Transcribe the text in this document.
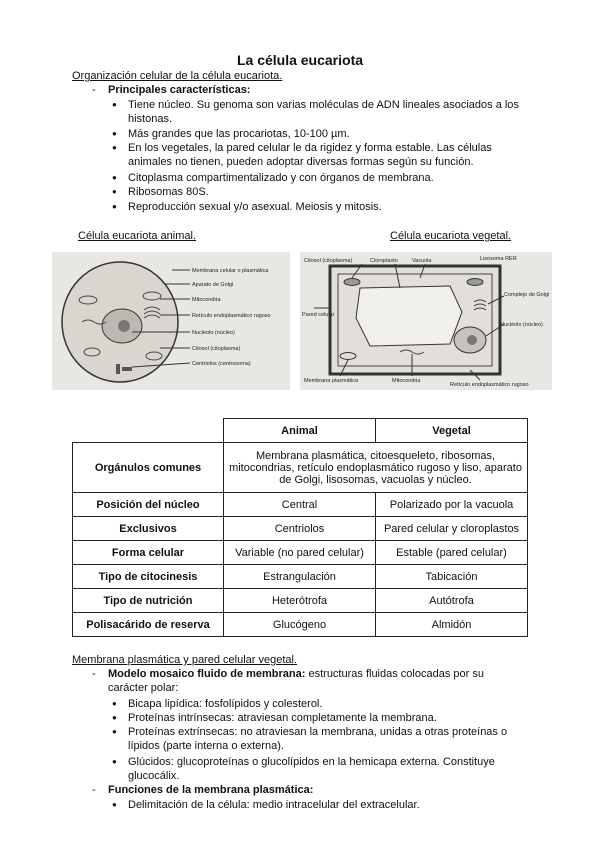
La célula eucariota
Organización celular de la célula eucariota.
-	Principales características:
● Tiene núcleo. Su genoma son varias moléculas de ADN lineales asociados a los histonas.
● Más grandes que las procariotas, 10-100 µm.
● En los vegetales, la pared celular le da rigidez y forma estable. Las células animales no tienen, pueden adoptar diversas formas según su función.
● Citoplasma compartimentalizado y con órganos de membrana.
● Ribosomas 80S.
● Reproducción sexual y/o asexual. Meiosis y mitosis.
Célula eucariota animal.	Célula eucariota vegetal.
Membrana celular o plasmática
Aparato de Golgi
Mitocondria
Retículo endoplasmático rugoso
Nucleolo (núcleo)
Citosol (citoplasma)
Centriolos (centrosoma)
Citosol (citoplasma)	Cloroplasto	Vacuola	Lisosoma RER
Pared celular
Complejo de Golgi
Nucléolo (núcleo)
Membrana plasmática	Mitocondria
Retículo endoplasmático rugoso
	Animal	Vegetal
Orgánulos comunes	Membrana plasmática, citoesqueleto, ribosomas, mitocondrias, retículo endoplasmático rugoso y liso, aparato de Golgi, lisosomas, vacuolas y núcleo.	
Posición del núcleo	Central	Polarizado por la vacuola
Exclusivos	Centriolos	Pared celular y cloroplastos
Forma celular	Variable (no pared celular)	Estable (pared celular)
Tipo de citocinesis	Estrangulación	Tabicación
Tipo de nutrición	Heterótrofa	Autótrofa
Polisacárido de reserva	Glucógeno	Almidón
Membrana plasmática y pared celular vegetal.
-	Modelo mosaico fluido de membrana: estructuras fluidas colocadas por su
carácter polar:
● Bicapa lipídica: fosfolípidos y colesterol.
● Proteínas intrínsecas: atraviesan completamente la membrana.
● Proteínas extrínsecas: no atraviesan la membrana, unidas a otras proteínas o lípidos (parte interna o externa).
● Glúcidos: glucoproteínas o glucolípidos en la hemicapa externa. Constituye glucocálix.
-	Funciones de la membrana plasmática:
● Delimitación de la célula: medio intracelular del extracelular.
